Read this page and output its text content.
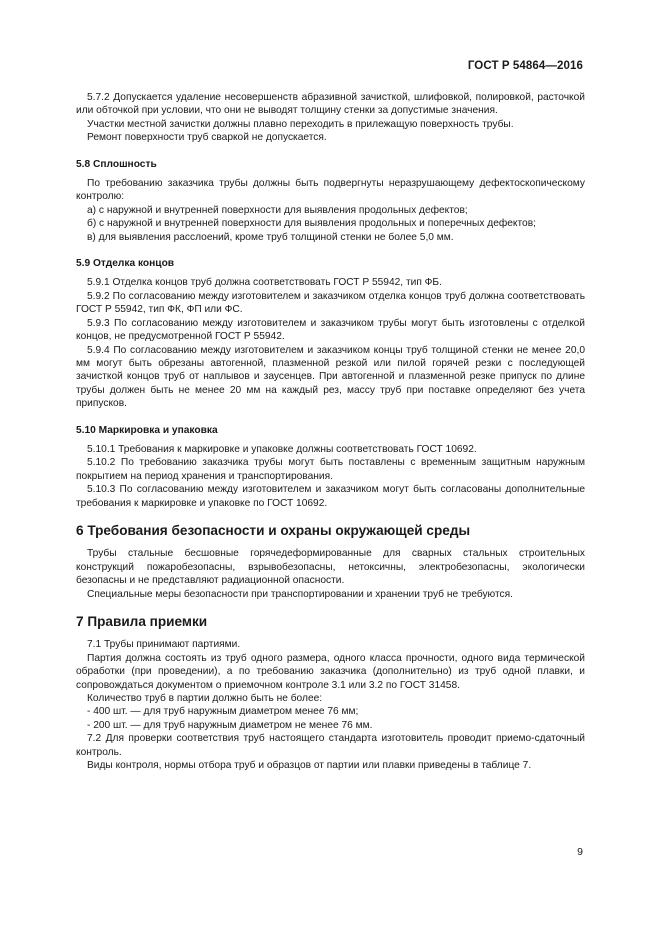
ГОСТ Р 54864—2016

5.7.2 Допускается удаление несовершенств абразивной зачисткой, шлифовкой, полировкой, расточкой или обточкой при условии, что они не выводят толщину стенки за допустимые значения.

Участки местной зачистки должны плавно переходить в прилежащую поверхность трубы.

Ремонт поверхности труб сваркой не допускается.

5.8 Сплошность

По требованию заказчика трубы должны быть подвергнуты неразрушающему дефектоскопическому контролю:

а) с наружной и внутренней поверхности для выявления продольных дефектов;

б) с наружной и внутренней поверхности для выявления продольных и поперечных дефектов;

в) для выявления расслоений, кроме труб толщиной стенки не более 5,0 мм.

5.9 Отделка концов

5.9.1 Отделка концов труб должна соответствовать ГОСТ Р 55942, тип ФБ.

5.9.2 По согласованию между изготовителем и заказчиком отделка концов труб должна соответствовать ГОСТ Р 55942, тип ФК, ФП или ФС.

5.9.3 По согласованию между изготовителем и заказчиком трубы могут быть изготовлены с отделкой концов, не предусмотренной ГОСТ Р 55942.

5.9.4 По согласованию между изготовителем и заказчиком концы труб толщиной стенки не менее 20,0 мм могут быть обрезаны автогенной, плазменной резкой или пилой горячей резки с последующей зачисткой концов труб от наплывов и заусенцев. При автогенной и плазменной резке припуск по длине трубы должен быть не менее 20 мм на каждый рез, массу труб при поставке определяют без учета припусков.

5.10 Маркировка и упаковка

5.10.1 Требования к маркировке и упаковке должны соответствовать ГОСТ 10692.

5.10.2 По требованию заказчика трубы могут быть поставлены с временным защитным наружным покрытием на период хранения и транспортирования.

5.10.3 По согласованию между изготовителем и заказчиком могут быть согласованы дополнительные требования к маркировке и упаковке по ГОСТ 10692.

6 Требования безопасности и охраны окружающей среды

Трубы стальные бесшовные горячедеформированные для сварных стальных строительных конструкций пожаробезопасны, взрывобезопасны, нетоксичны, электробезопасны, экологически безопасны и не представляют радиационной опасности.

Специальные меры безопасности при транспортировании и хранении труб не требуются.

7 Правила приемки

7.1 Трубы принимают партиями.

Партия должна состоять из труб одного размера, одного класса прочности, одного вида термической обработки (при проведении), а по требованию заказчика (дополнительно) из труб одной плавки, и сопровождаться документом о приемочном контроле 3.1 или 3.2 по ГОСТ 31458.

Количество труб в партии должно быть не более:

- 400 шт. — для труб наружным диаметром менее 76 мм;

- 200 шт. — для труб наружным диаметром не менее 76 мм.

7.2 Для проверки соответствия труб настоящего стандарта изготовитель проводит приемо-сдаточный контроль.

Виды контроля, нормы отбора труб и образцов от партии или плавки приведены в таблице 7.

9
